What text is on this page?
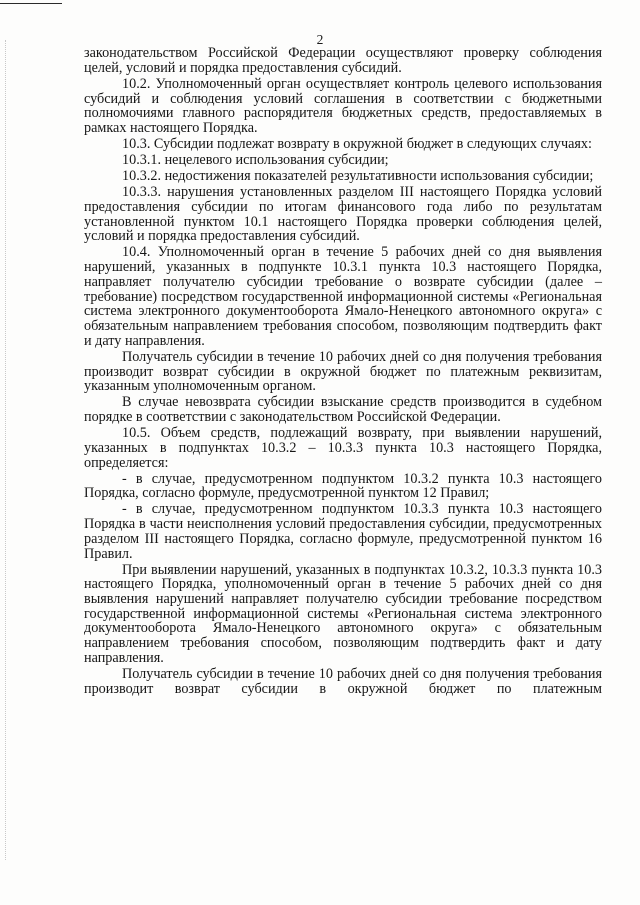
2

законодательством Российской Федерации осуществляют проверку соблюдения целей, условий и порядка предоставления субсидий.

10.2. Уполномоченный орган осуществляет контроль целевого использования субсидий и соблюдения условий соглашения в соответствии с бюджетными полномочиями главного распорядителя бюджетных средств, предоставляемых в рамках настоящего Порядка.

10.3. Субсидии подлежат возврату в окружной бюджет в следующих случаях:

10.3.1. нецелевого использования субсидии;

10.3.2. недостижения показателей результативности использования субсидии;

10.3.3. нарушения установленных разделом III настоящего Порядка условий предоставления субсидии по итогам финансового года либо по результатам установленной пунктом 10.1 настоящего Порядка проверки соблюдения целей, условий и порядка предоставления субсидий.

10.4. Уполномоченный орган в течение 5 рабочих дней со дня выявления нарушений, указанных в подпункте 10.3.1 пункта 10.3 настоящего Порядка, направляет получателю субсидии требование о возврате субсидии (далее – требование) посредством государственной информационной системы «Региональная система электронного документооборота Ямало-Ненецкого автономного округа» с обязательным направлением требования способом, позволяющим подтвердить факт и дату направления.

Получатель субсидии в течение 10 рабочих дней со дня получения требования производит возврат субсидии в окружной бюджет по платежным реквизитам, указанным уполномоченным органом.

В случае невозврата субсидии взыскание средств производится в судебном порядке в соответствии с законодательством Российской Федерации.

10.5. Объем средств, подлежащий возврату, при выявлении нарушений, указанных в подпунктах 10.3.2 – 10.3.3 пункта 10.3 настоящего Порядка, определяется:

- в случае, предусмотренном подпунктом 10.3.2 пункта 10.3 настоящего Порядка, согласно формуле, предусмотренной пунктом 12 Правил;

- в случае, предусмотренном подпунктом 10.3.3 пункта 10.3 настоящего Порядка в части неисполнения условий предоставления субсидии, предусмотренных разделом III настоящего Порядка, согласно формуле, предусмотренной пунктом 16 Правил.

При выявлении нарушений, указанных в подпунктах 10.3.2, 10.3.3 пункта 10.3 настоящего Порядка, уполномоченный орган в течение 5 рабочих дней со дня выявления нарушений направляет получателю субсидии требование посредством государственной информационной системы «Региональная система электронного документооборота Ямало-Ненецкого автономного округа» с обязательным направлением требования способом, позволяющим подтвердить факт и дату направления.

Получатель субсидии в течение 10 рабочих дней со дня получения требования производит возврат субсидии в окружной бюджет по платежным
